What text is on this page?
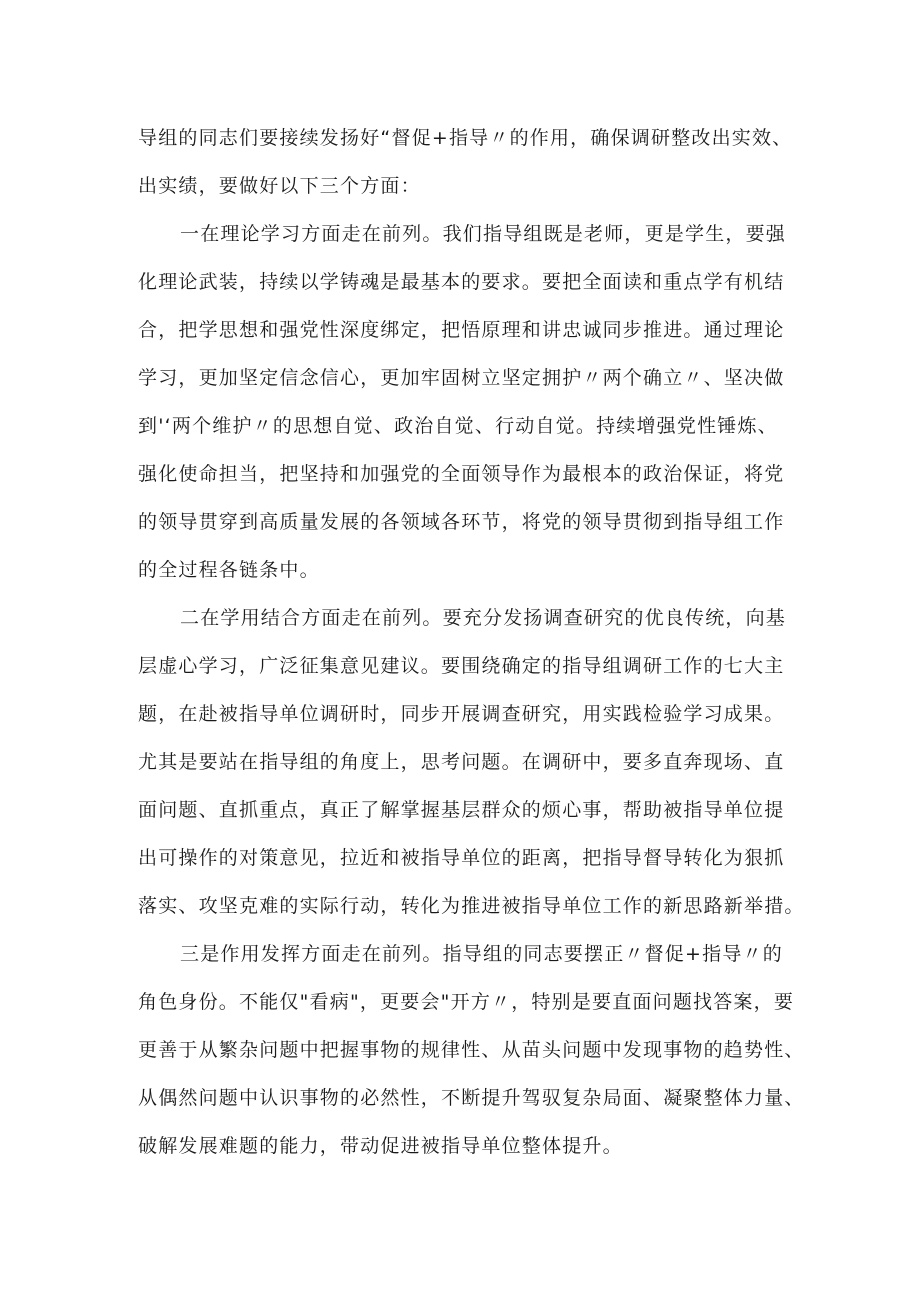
导组的同志们要接续发扬好“督促+指导〃的作用，确保调研整改出实效、
出实绩，要做好以下三个方面：
一在理论学习方面走在前列。我们指导组既是老师，更是学生，要强
化理论武装，持续以学铸魂是最基本的要求。要把全面读和重点学有机结
合，把学思想和强党性深度绑定，把悟原理和讲忠诚同步推进。通过理论
学习，更加坚定信念信心，更加牢固树立坚定拥护〃两个确立〃、坚决做
到'‘两个维护〃的思想自觉、政治自觉、行动自觉。持续增强党性锤炼、
强化使命担当，把坚持和加强党的全面领导作为最根本的政治保证，将党
的领导贯穿到高质量发展的各领域各环节，将党的领导贯彻到指导组工作
的全过程各链条中。
二在学用结合方面走在前列。要充分发扬调查研究的优良传统，向基
层虚心学习，广泛征集意见建议。要围绕确定的指导组调研工作的七大主
题，在赴被指导单位调研时，同步开展调查研究，用实践检验学习成果。
尤其是要站在指导组的角度上，思考问题。在调研中，要多直奔现场、直
面问题、直抓重点，真正了解掌握基层群众的烦心事，帮助被指导单位提
出可操作的对策意见，拉近和被指导单位的距离，把指导督导转化为狠抓
落实、攻坚克难的实际行动，转化为推进被指导单位工作的新思路新举措。
三是作用发挥方面走在前列。指导组的同志要摆正〃督促+指导〃的
角色身份。不能仅"看病"，更要会"开方〃，特别是要直面问题找答案，要
更善于从繁杂问题中把握事物的规律性、从苗头问题中发现事物的趋势性、
从偶然问题中认识事物的必然性，不断提升驾驭复杂局面、凝聚整体力量、
破解发展难题的能力，带动促进被指导单位整体提升。
